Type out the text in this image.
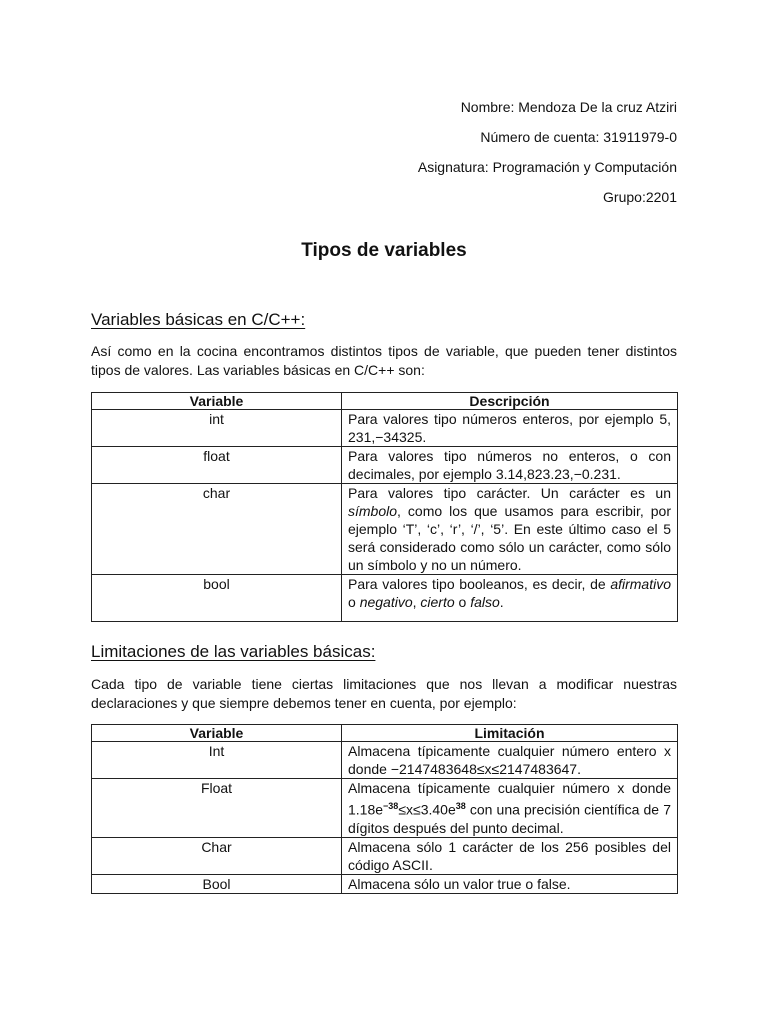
Nombre: Mendoza De la cruz Atziri
Número de cuenta: 31911979-0
Asignatura: Programación y Computación
Grupo:2201
Tipos de variables
Variables básicas en C/C++:
Así como en la cocina encontramos distintos tipos de variable, que pueden tener distintos tipos de valores. Las variables básicas en C/C++ son:
Variable	Descripción
int	Para valores tipo números enteros, por ejemplo 5, 231,−34325.
float	Para valores tipo números no enteros, o con decimales, por ejemplo 3.14,823.23,−0.231.
char	Para valores tipo carácter. Un carácter es un símbolo, como los que usamos para escribir, por ejemplo ‘T’, ‘c’, ‘r’, ‘/’, ‘5’. En este último caso el 5 será considerado como sólo un carácter, como sólo un símbolo y no un número.
bool	Para valores tipo booleanos, es decir, de afirmativo o negativo, cierto o falso.
Limitaciones de las variables básicas:
Cada tipo de variable tiene ciertas limitaciones que nos llevan a modificar nuestras declaraciones y que siempre debemos tener en cuenta, por ejemplo:
Variable	Limitación
Int	Almacena típicamente cualquier número entero x donde −2147483648≤x≤2147483647.
Float	Almacena típicamente cualquier número x donde $1.18e^{-38}\le x\le 3.40e^{38}$ con una precisión científica de 7 dígitos después del punto decimal.
Char	Almacena sólo 1 carácter de los 256 posibles del código ASCII.
Bool	Almacena sólo un valor true o false.
